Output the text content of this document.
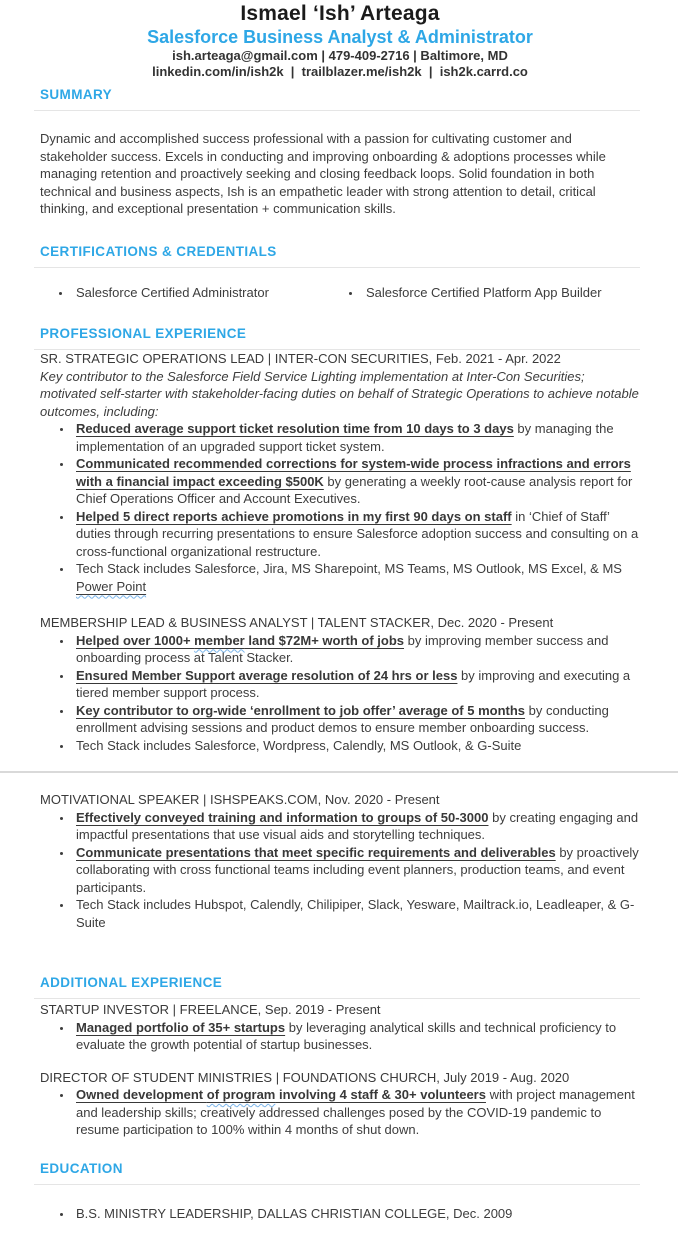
Ismael ‘Ish’ Arteaga
Salesforce Business Analyst & Administrator
ish.arteaga@gmail.com | 479-409-2716 | Baltimore, MD
linkedin.com/in/ish2k  |  trailblazer.me/ish2k  |  ish2k.carrd.co
SUMMARY

Dynamic and accomplished success professional with a passion for cultivating customer and stakeholder success. Excels in conducting and improving onboarding & adoptions processes while managing retention and proactively seeking and closing feedback loops. Solid foundation in both technical and business aspects, Ish is an empathetic leader with strong attention to detail, critical thinking, and exceptional presentation + communication skills.

CERTIFICATIONS & CREDENTIALS
Salesforce Certified Administrator	Salesforce Certified Platform App Builder
PROFESSIONAL EXPERIENCE

SR. STRATEGIC OPERATIONS LEAD | INTER-CON SECURITIES, Feb. 2021 - Apr. 2022

Key contributor to the Salesforce Field Service Lighting implementation at Inter-Con Securities; motivated self-starter with stakeholder-facing duties on behalf of Strategic Operations to achieve notable outcomes, including:

• Reduced average support ticket resolution time from 10 days to 3 days by managing the implementation of an upgraded support ticket system.
• Communicated recommended corrections for system-wide process infractions and errors with a financial impact exceeding $500K by generating a weekly root-cause analysis report for Chief Operations Officer and Account Executives.
• Helped 5 direct reports achieve promotions in my first 90 days on staff in ‘Chief of Staff’ duties through recurring presentations to ensure Salesforce adoption success and consulting on a cross-functional organizational restructure.
• Tech Stack includes Salesforce, Jira, MS Sharepoint, MS Teams, MS Outlook, MS Excel, & MS Power Point

MEMBERSHIP LEAD & BUSINESS ANALYST | TALENT STACKER, Dec. 2020 - Present

• Helped over 1000+ member land $72M+ worth of jobs by improving member success and onboarding process at Talent Stacker.
• Ensured Member Support average resolution of 24 hrs or less by improving and executing a tiered member support process.
• Key contributor to org-wide ‘enrollment to job offer’ average of 5 months by conducting enrollment advising sessions and product demos to ensure member onboarding success.
• Tech Stack includes Salesforce, Wordpress, Calendly, MS Outlook, & G-Suite

MOTIVATIONAL SPEAKER | ISHSPEAKS.COM, Nov. 2020 - Present

• Effectively conveyed training and information to groups of 50-3000 by creating engaging and impactful presentations that use visual aids and storytelling techniques.
• Communicate presentations that meet specific requirements and deliverables by proactively collaborating with cross functional teams including event planners, production teams, and event participants.
• Tech Stack includes Hubspot, Calendly, Chilipiper, Slack, Yesware, Mailtrack.io, Leadleaper, & G-Suite
ADDITIONAL EXPERIENCE

STARTUP INVESTOR | FREELANCE, Sep. 2019 - Present

• Managed portfolio of 35+ startups by leveraging analytical skills and technical proficiency to evaluate the growth potential of startup businesses.

DIRECTOR OF STUDENT MINISTRIES | FOUNDATIONS CHURCH, July 2019 - Aug. 2020

• Owned development of program involving 4 staff & 30+ volunteers with project management and leadership skills; creatively addressed challenges posed by the COVID-19 pandemic to resume participation to 100% within 4 months of shut down.
EDUCATION
• B.S. MINISTRY LEADERSHIP, DALLAS CHRISTIAN COLLEGE, Dec. 2009
